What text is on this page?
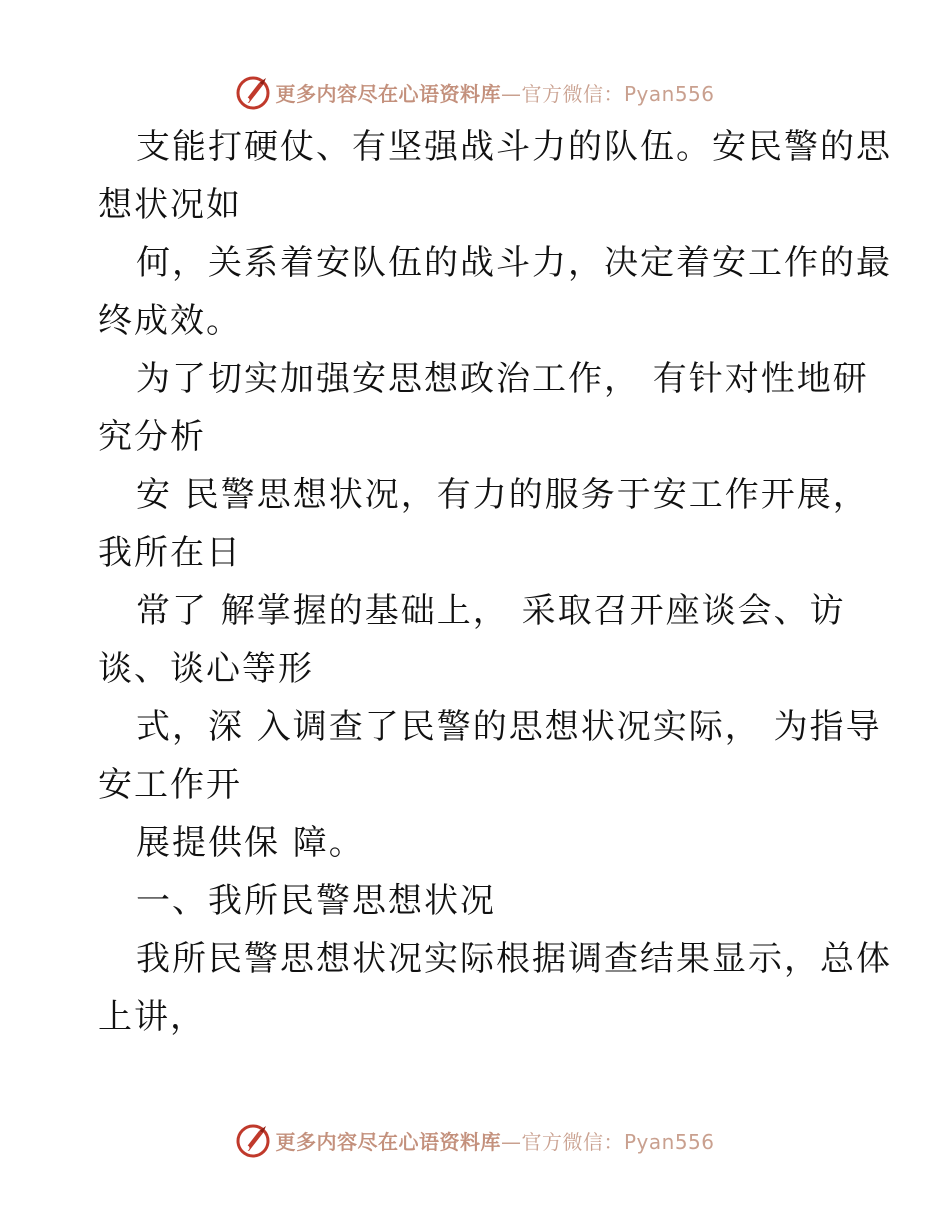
更多内容尽在心语资料库—官方微信：Pyan556
支能打硬仗、有坚强战斗力的队伍。安民警的思
想状况如
何，关系着安队伍的战斗力，决定着安工作的最
终成效。
为了切实加强安思想政治工作， 有针对性地研
究分析
安 民警思想状况，有力的服务于安工作开展，
我所在日
常了 解掌握的基础上， 采取召开座谈会、访
谈、谈心等形
式，深 入调查了民警的思想状况实际， 为指导
安工作开
展提供保 障。
一、我所民警思想状况
我所民警思想状况实际根据调查结果显示，总体
上讲，
更多内容尽在心语资料库—官方微信：Pyan556
